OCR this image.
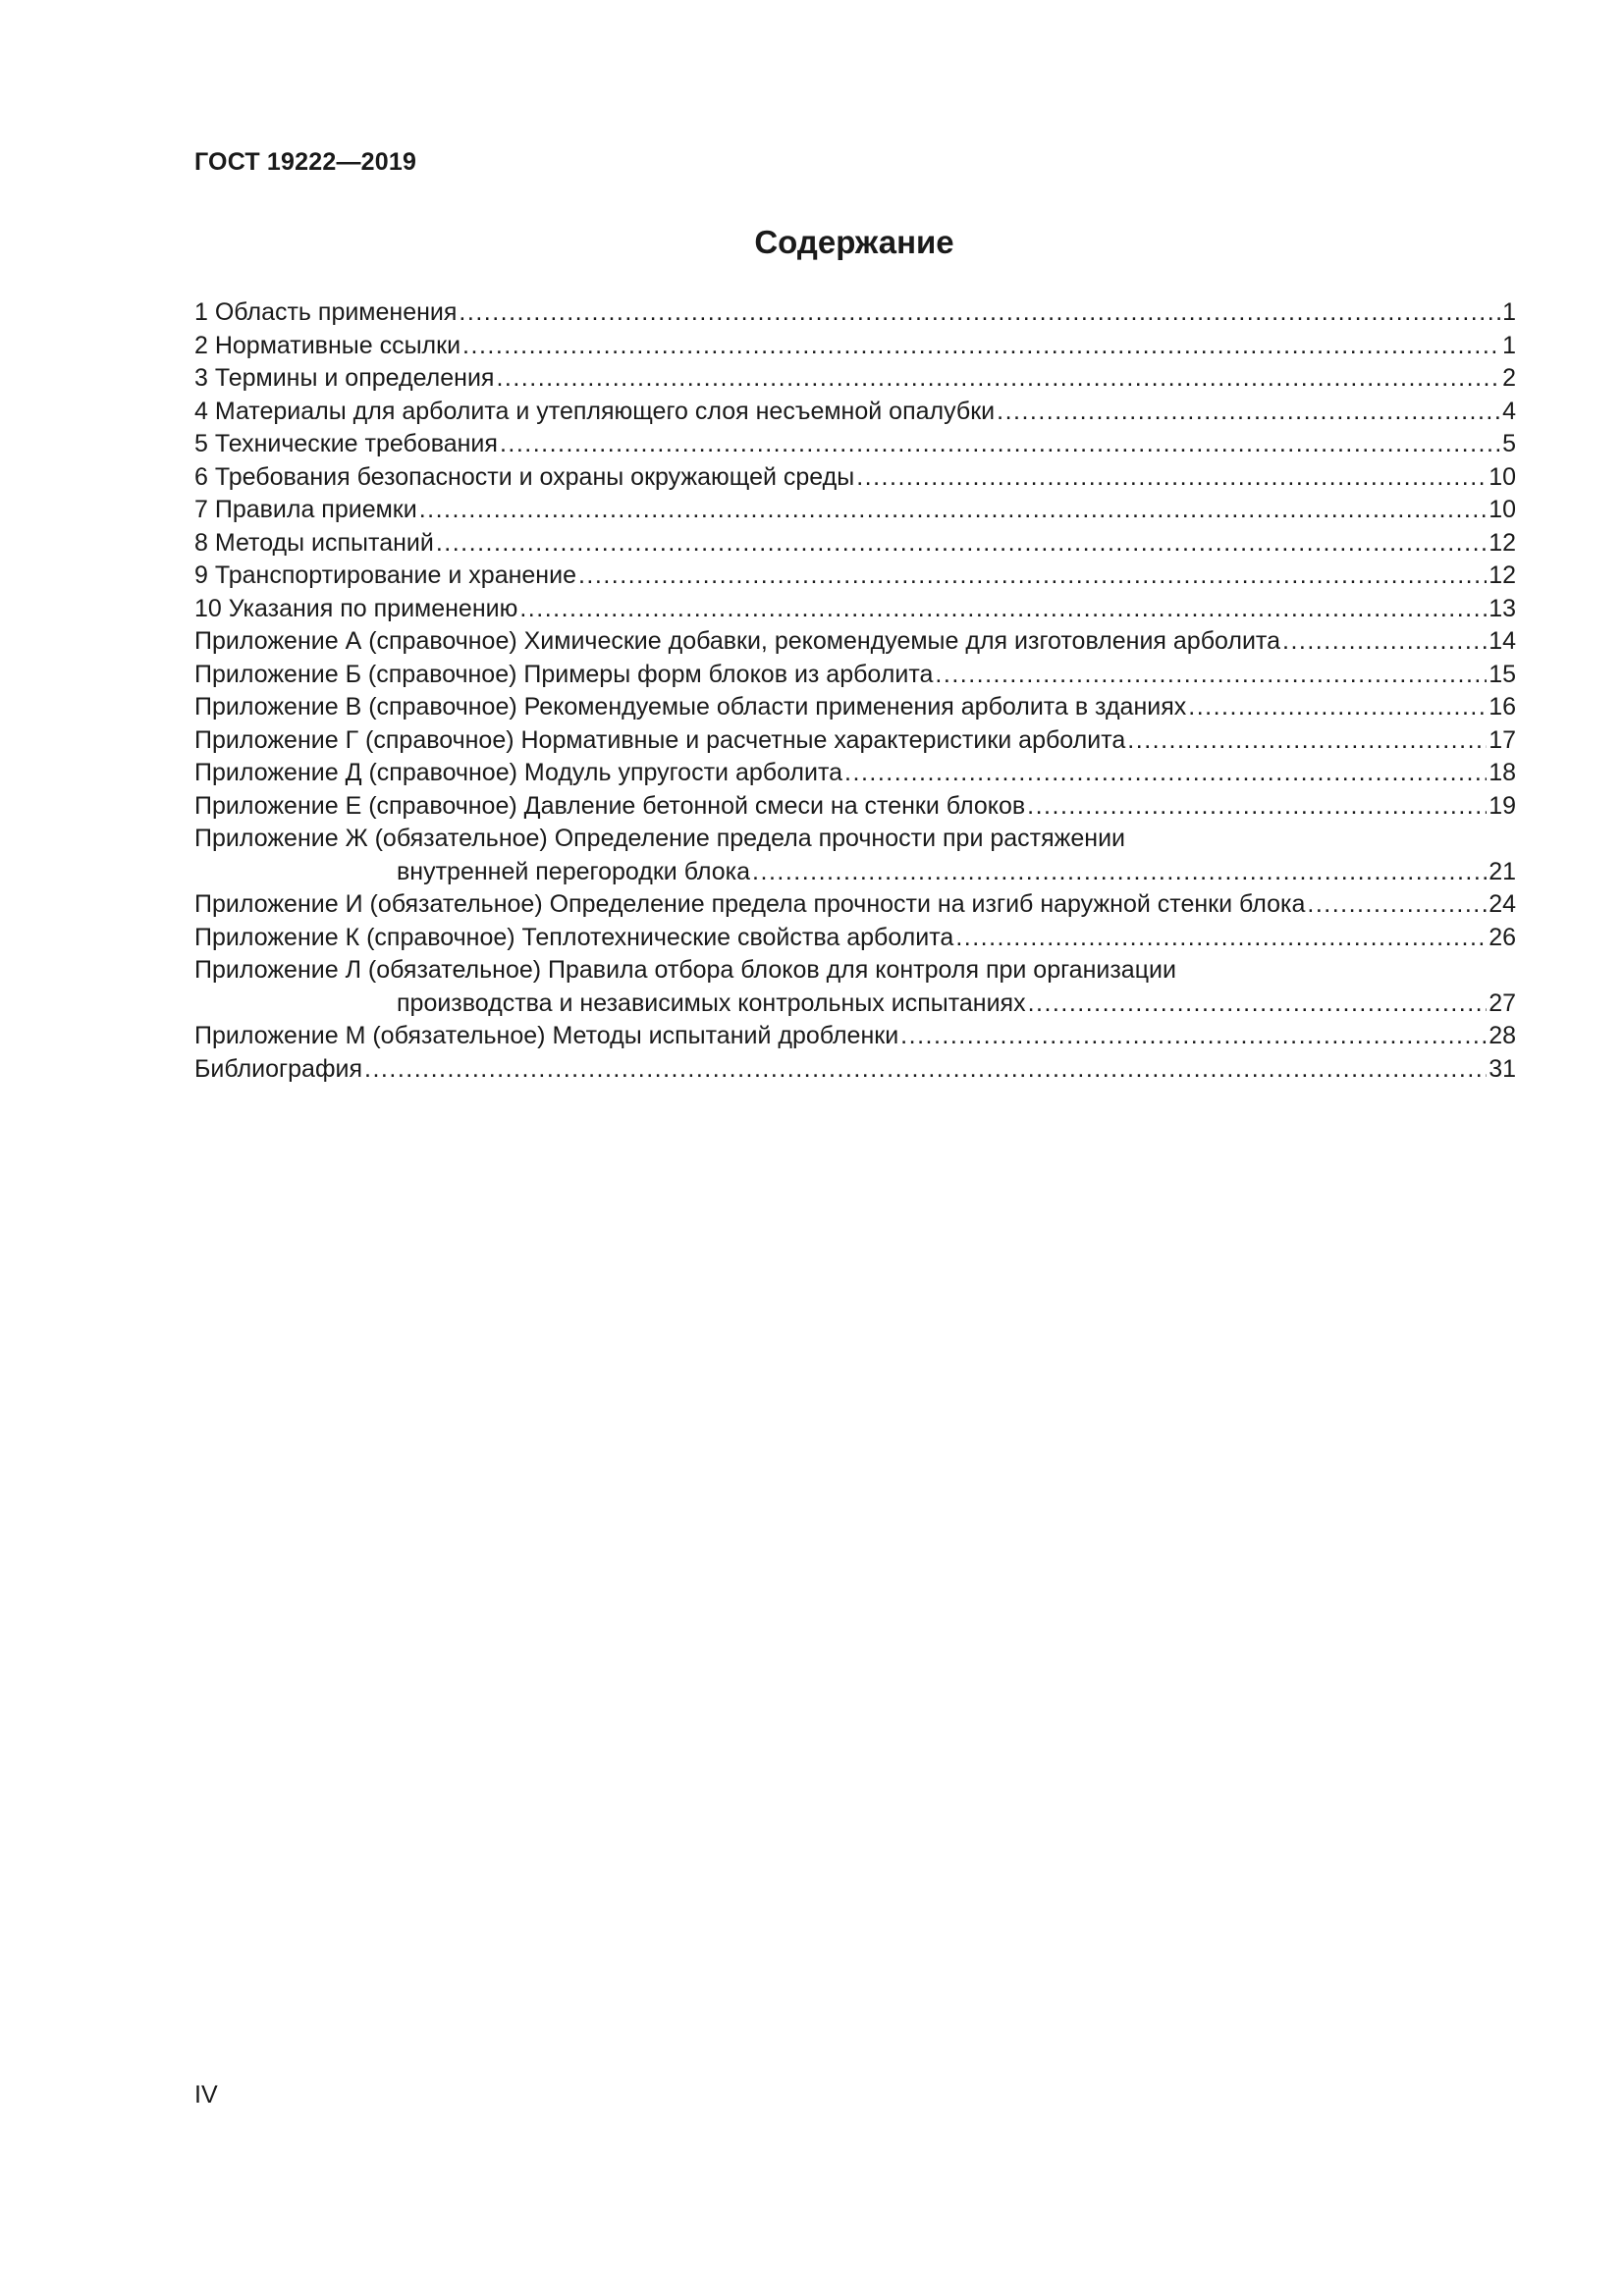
ГОСТ 19222—2019
Содержание
1 Область применения .....	1
2 Нормативные ссылки .....	1
3 Термины и определения .....	2
4 Материалы для арболита и утепляющего слоя несъемной опалубки .....	4
5 Технические требования .....	5
6 Требования безопасности и охраны окружающей среды .....	10
7 Правила приемки .....	10
8 Методы испытаний .....	12
9 Транспортирование и хранение .....	12
10 Указания по применению .....	13
Приложение А (справочное) Химические добавки, рекомендуемые для изготовления арболита .....	14
Приложение Б (справочное) Примеры форм блоков из арболита .....	15
Приложение В (справочное) Рекомендуемые области применения арболита в зданиях .....	16
Приложение Г (справочное) Нормативные и расчетные характеристики арболита .....	17
Приложение Д (справочное) Модуль упругости арболита .....	18
Приложение Е (справочное) Давление бетонной смеси на стенки блоков .....	19
Приложение Ж (обязательное) Определение предела прочности при растяжении
внутренней перегородки блока .....	21
Приложение И (обязательное) Определение предела прочности на изгиб наружной стенки блока .....	24
Приложение К (справочное) Теплотехнические свойства арболита .....	26
Приложение Л (обязательное) Правила отбора блоков для контроля при организации
производства и независимых контрольных испытаниях .....	27
Приложение М (обязательное) Методы испытаний дробленки .....	28
Библиография .....	31
IV
